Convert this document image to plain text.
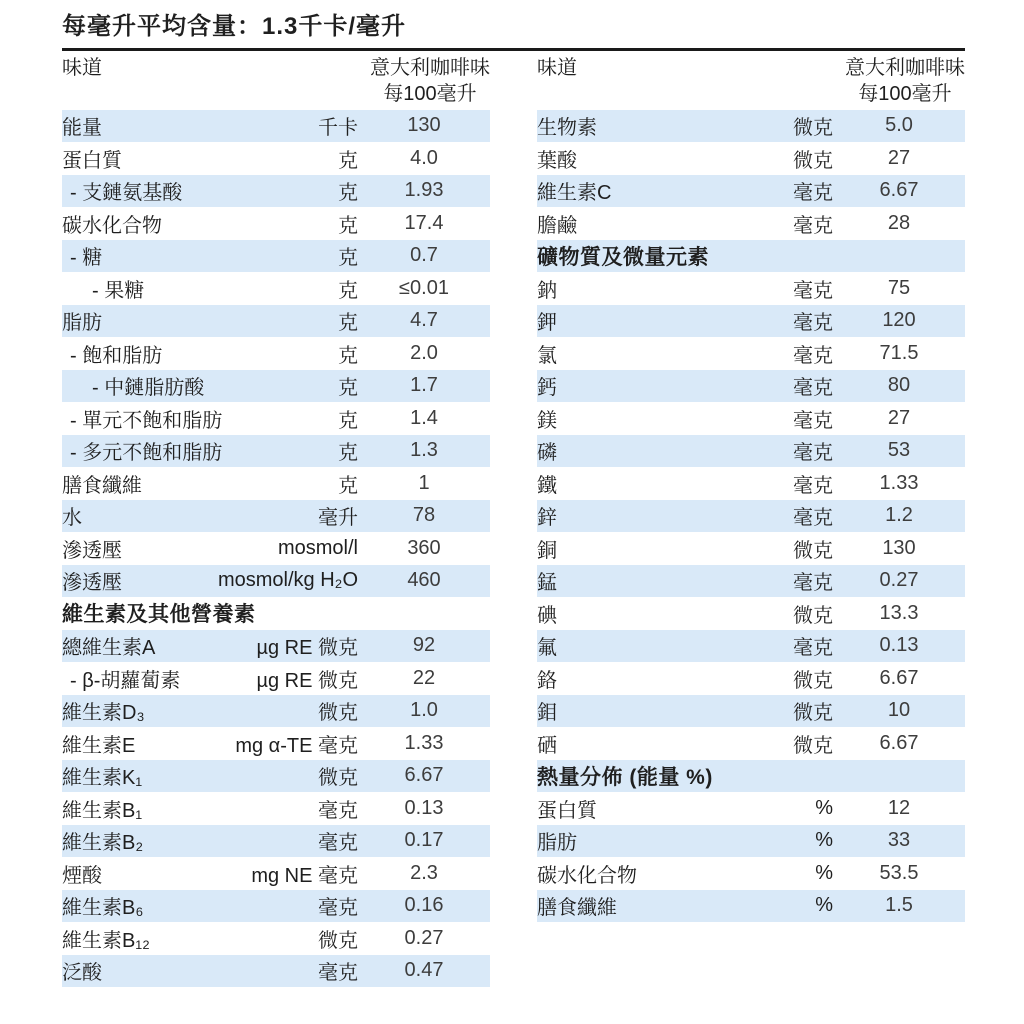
每毫升平均含量：1.3千卡/毫升
味道	意大利咖啡味
每100毫升
能量	千卡	130
蛋白質	克	4.0
- 支鏈氨基酸	克	1.93
碳水化合物	克	17.4
- 糖	克	0.7
- 果糖	克	≤0.01
脂肪	克	4.7
- 飽和脂肪	克	2.0
- 中鏈脂肪酸	克	1.7
- 單元不飽和脂肪	克	1.4
- 多元不飽和脂肪	克	1.3
膳食纖維	克	1
水	毫升	78
滲透壓	mosmol/l	360
滲透壓	mosmol/kg H₂O	460
維生素及其他營養素
總維生素A	µg RE 微克	92
- β-胡蘿蔔素	µg RE 微克	22
維生素D₃	微克	1.0
維生素E	mg α-TE 毫克	1.33
維生素K₁	微克	6.67
維生素B₁	毫克	0.13
維生素B₂	毫克	0.17
煙酸	mg NE 毫克	2.3
維生素B₆	毫克	0.16
維生素B₁₂	微克	0.27
泛酸	毫克	0.47
味道	意大利咖啡味
每100毫升
生物素	微克	5.0
葉酸	微克	27
維生素C	毫克	6.67
膽鹼	毫克	28
礦物質及微量元素
鈉	毫克	75
鉀	毫克	120
氯	毫克	71.5
鈣	毫克	80
鎂	毫克	27
磷	毫克	53
鐵	毫克	1.33
鋅	毫克	1.2
銅	微克	130
錳	毫克	0.27
碘	微克	13.3
氟	毫克	0.13
鉻	微克	6.67
鉬	微克	10
硒	微克	6.67
熱量分佈 (能量 %)
蛋白質	%	12
脂肪	%	33
碳水化合物	%	53.5
膳食纖維	%	1.5
